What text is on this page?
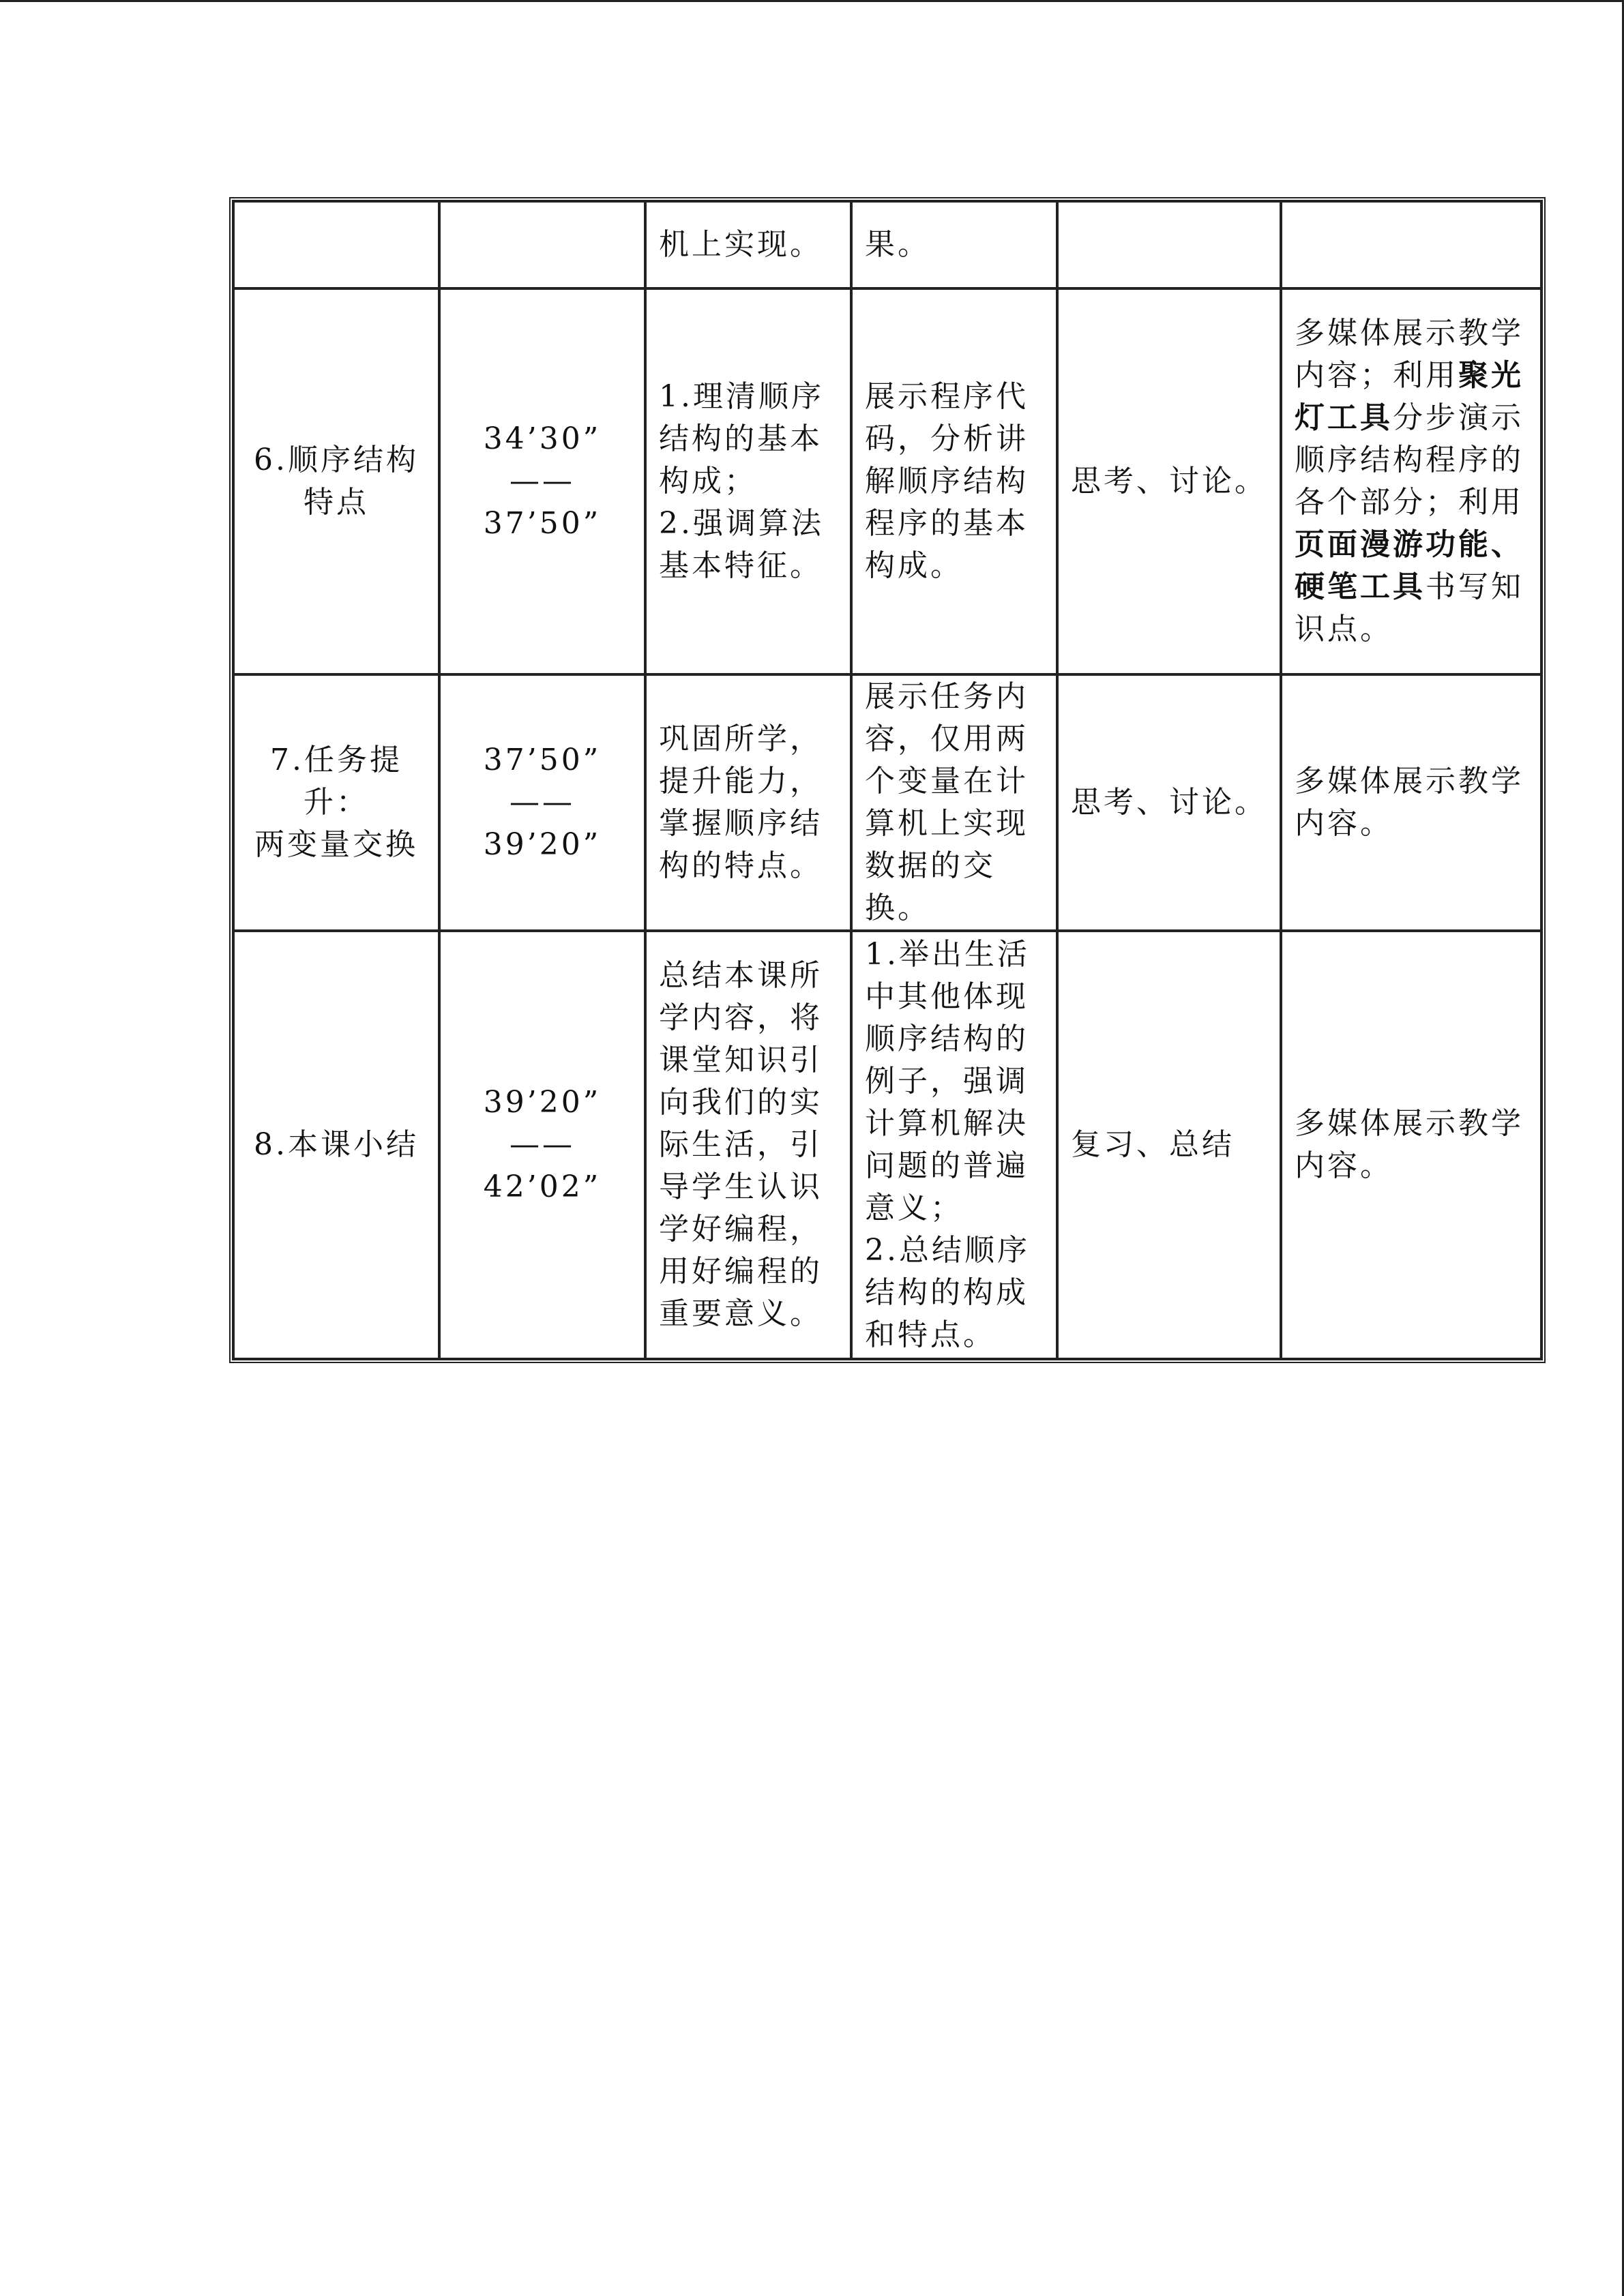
		机上实现。	果。		

6.顺序结构
特点	34’30”
——
37’50”	1.理清顺序结构的基本构成；
2.强调算法基本特征。	展示程序代码，分析讲解顺序结构程序的基本构成。	思考、讨论。	多媒体展示教学内容；利用聚光灯工具分步演示顺序结构程序的各个部分；利用页面漫游功能、硬笔工具书写知识点。
7.任务提
升：
两变量交换	37’50”
——
39’20”	巩固所学，提升能力，掌握顺序结构的特点。	展示任务内容，仅用两个变量在计算机上实现数据的交换。	思考、讨论。	多媒体展示教学内容。
8.本课小结	39’20”
——
42’02”	总结本课所学内容，将课堂知识引向我们的实际生活，引导学生认识学好编程，用好编程的重要意义。	1.举出生活中其他体现顺序结构的例子，强调计算机解决问题的普遍意义；
2.总结顺序结构的构成和特点。	复习、总结	多媒体展示教学内容。
